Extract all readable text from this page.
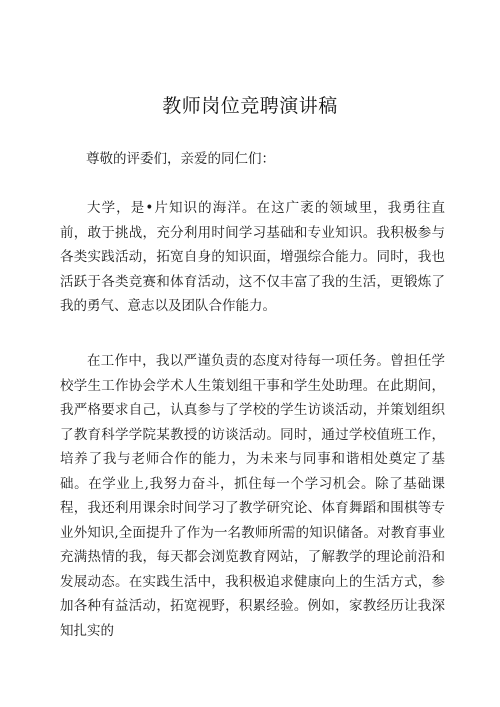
教师岗位竞聘演讲稿
尊敬的评委们，亲爱的同仁们：

大学，是•片知识的海洋。在这广袤的领域里，我勇往直前，敢于挑战，充分利用时间学习基础和专业知识。我积极参与各类实践活动，拓宽自身的知识面，增强综合能力。同时，我也活跃于各类竞赛和体育活动，这不仅丰富了我的生活，更锻炼了我的勇气、意志以及团队合作能力。

在工作中，我以严谨负责的态度对待每一项任务。曾担任学校学生工作协会学术人生策划组干事和学生处助理。在此期间，我严格要求自己，认真参与了学校的学生访谈活动，并策划组织了教育科学学院某教授的访谈活动。同时，通过学校值班工作，培养了我与老师合作的能力，为未来与同事和谐相处奠定了基础。在学业上,我努力奋斗，抓住每一个学习机会。除了基础课程，我还利用课余时间学习了教学研究论、体育舞蹈和围棋等专业外知识,全面提升了作为一名教师所需的知识储备。对教育事业充满热情的我，每天都会浏览教育网站，了解教学的理论前沿和发展动态。在实践生活中，我积极追求健康向上的生活方式，参加各种有益活动，拓宽视野，积累经验。例如，家教经历让我深知扎实的
